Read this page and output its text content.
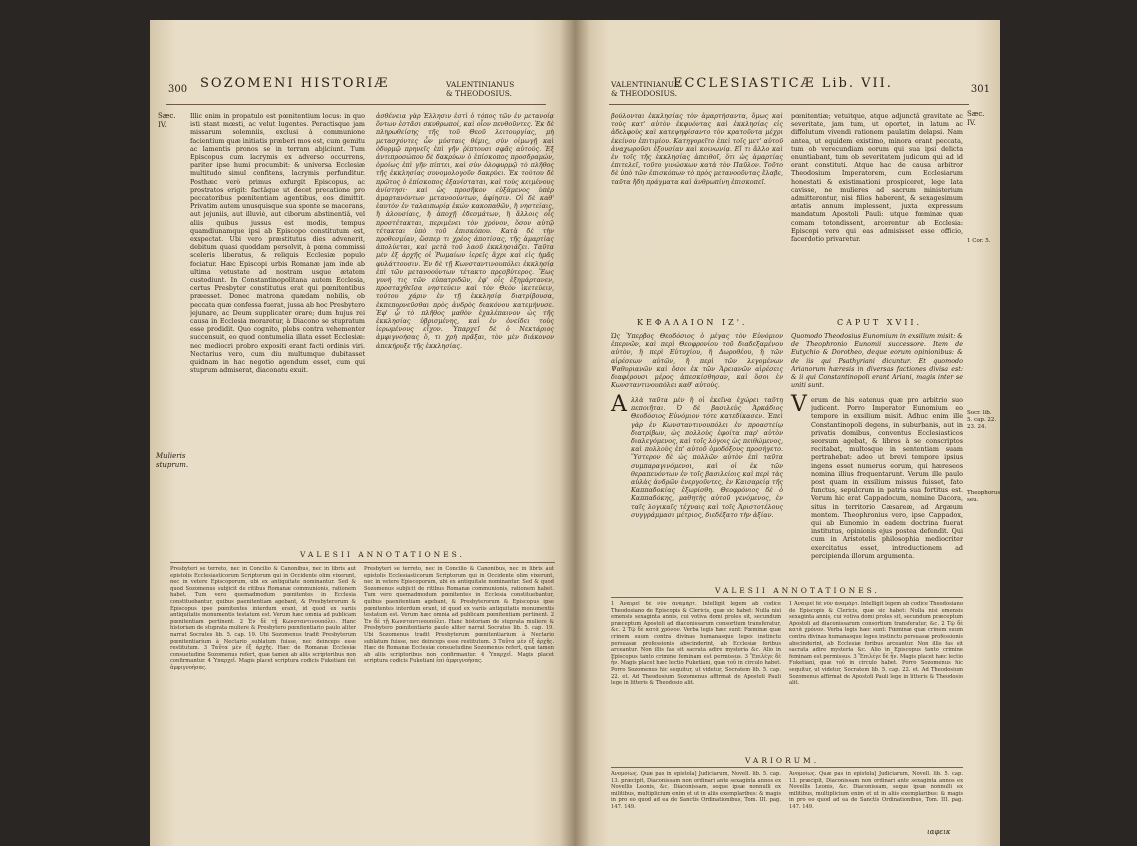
300 SOZOMENI HISTORIÆ	VALENTINIANUS
& THEODOSIUS.
Sæc.
IV.
Mulieris
stuprum.
Illic enim in propatulo est pœnitentium locus: in quo isti stant mœsti, ac velut lugentes. Peractisque jam missarum solemniis, exclusi à communione facientium quæ initiatis præberi mos est, cum gemitu ac lamentis pronos se in terram abjiciunt. Tum Episcopus cum lacrymis ex adverso occurrens, pariter ipse humi procumbit: & universa Ecclesiæ multitudo simul confitens, lacrymis perfunditur. Posthæc verò primus exfurgit Episcopus, ac prostratos erigit: factâque ut decet precatione pro peccatoribus pœnitentiam agentibus, eos dimittit. Privatim autem unusquisque sua sponte se macerans, aut jejuniis, aut illuviè, aut ciborum abstinentiâ, vel aliis quibus jussus est modis, tempus quamdiunamque ipsi ab Episcopo constitutum est, exspectat. Ubi vero præstitutus dies advenerit, debitum quasi quoddam persolvit, à pœna commissi sceleris liberatus, & reliquis Ecclesiæ populo fociatur. Hæc Episcopi urbis Romanæ jam inde ab ultima vetustate ad nostram usque ætatem custodiunt. In Constantinopolitana autem Ecclesia, certus Presbyter constitutus erat qui pœnitentibus præesset. Donec matrona quædam nobilis, ob peccata quæ confessa fuerat, jussa ab hoc Presbytero jejunare, ac Deum supplicater orare; dum hujus rei causa in Ecclesia moraretur, à Diacono se stupratum esse prodidit. Quo cognito, plebs contra vehementer succensuit, eo quod contumelia illata esset Ecclesiæ: nec mediocri probro expositi erant facti ordinis viri. Nectarius vero, cum diu multumque dubitasset quidnam in hac negotio agendum esset, cum qui stuprum admiserat, diaconatu exuit.
ἀσθένεια γὰρ Ἑλλησιν ἐστὶ ὁ τόπος τῶν ἐν μετανοίᾳ ὄντων ἐστᾶσι σκυθρωποί, καὶ οἷον πενθοῦντες. Ἐκ δὲ πληρωθείσης τῆς τοῦ Θεοῦ λειτουργίας, μὴ μετασχόντες ὧν μύσταις θέμις, σὺν οἰμωγῇ καὶ ὀδυρμῷ πρηνεῖς ἐπὶ γῆν ῥίπτουσι σφᾶς αὐτούς. Ἐξ ἀντιπροσώπου δὲ δακρύων ὁ ἐπίσκοπος προσδραμών, ὁμοίως ἐπὶ γῆν πίπτει, καὶ σὺν ὀλοφυρμῷ τὸ πλῆθος τῆς ἐκκλησίας συνομολογοῦν δακρύει. Ἐκ τούτου δὲ πρῶτος ὁ ἐπίσκοπος ἐξανίσταται, καὶ τοὺς κειμένους ἀνίστησι· καὶ ὡς προσῆκον εὐξάμενος ὑπὲρ ἁμαρτανόντων μετανοούντων, ἀφίησιν. Οἱ δὲ καθ' ἑαυτὸν ἐν ταλαιπωρίᾳ ἑκών κακοπαθῶν, ἢ νηστείαις, ἢ ἀλουσίαις, ἢ ἀποχῇ ἐδεσμάτων, ἢ ἄλλοις οἷς προστέτακται, περιμένει τὸν χρόνον, ὅσον αὐτῷ τέτακται ὑπὸ τοῦ ἐπισκόπου. Κατὰ δὲ τὴν προθεσμίαν, ὥσπερ τι χρέος ἀποτίσας, τῆς ἁμαρτίας ἀπολύεται, καὶ μετὰ τοῦ λαοῦ ἐκκλησιάζει. Ταῦτα μὲν ἐξ ἀρχῆς οἱ Ῥωμαίων ἱερεῖς ἄχρι καὶ εἰς ἡμᾶς φυλάττουσιν. Ἐν δὲ τῇ Κωνσταντινουπόλει ἐκκλησίᾳ ἐπὶ τῶν μετανοούντων τέτακτο πρεσβύτερος. Ἕως γυνή τις τῶν εὐπατριδῶν, ἐφ' οἷς ἐξημάρτανεν, προσταχθεῖσα νηστεύειν καὶ τὸν Θεὸν ἱκετεύειν, τούτου χάριν ἐν τῇ ἐκκλησίᾳ διατρίβουσα, ἐκπεπορνεῦσθαι πρὸς ἀνδρὸς διακόνου κατεμήνυσε. Ἐφ' ᾧ τὸ πλῆθος μαθὸν ἐχαλέπαινον ὡς τῆς ἐκκλησίας ὑβρισμένης, καὶ ἐν ὀνείδει τοὺς ἱερωμένους εἶχον. Ὑπαρχεῖ δὲ ὁ Νεκτάριος ἀμφιγνοήσας ὅ, τι χρὴ πρᾶξαι, τὸν μὲν διάκονον ἀπεκήρυξε τῆς ἐκκλησίας.
VALESII ANNOTATIONES.
Presbyteri se terreto, nec in Concilio & Canonibus, nec in libris aut epistolis Ecclesiasticorum Scriptorum qui in Occidente olim vixerunt, nec in vetere Episcoporum, ubi ex antiquitate nominantur. Sed & quod Sozomenus subjicit de ritibus Romanæ communionis, rationem habet. Tum vero quemadmodum pœnitentes in Ecclesia constituebantur, quibus paenitentiam agebant, & Presbyterorum & Episcopus ipse pœnitentes interdum erant, id quod ex variis antiquitatis monumentis testatum est. Verum hæc omnia ad publicam pœnitentiam pertinent. 2 Ἐν δὲ τῇ Κωνσταντινουπόλει. Hanc historiam de stuprata muliere & Presbytero pœnitentiario paulo aliter narrat Socrates lib. 5. cap. 19. Ubi Sozomenus tradit Presbyterum pœnitentiarium à Nectario sublatum fuisse, nec deinceps esse restitutum. 3 Ταῦτα μὲν ἐξ ἀρχῆς. Hæc de Romanæ Ecclesiæ consuetudine Sozomenus refert, quæ tamen ab aliis scriptoribus non confirmantur. 4 Ὑπαρχεῖ. Magis placet scriptura codicis Fuketiani ἐπὶ ἀμφιγνοήσας.
Presbyteri se terreto, nec in Concilio & Canonibus, nec in libris aut epistolis Ecclesiasticorum Scriptorum qui in Occidente olim vixerunt, nec in vetere Episcoporum, ubi ex antiquitate nominantur. Sed & quod Sozomenus subjicit de ritibus Romanæ communionis, rationem habet. Tum vero quemadmodum pœnitentes in Ecclesia constituebantur, quibus paenitentiam agebant, & Presbyterorum & Episcopus ipse pœnitentes interdum erant, id quod ex variis antiquitatis monumentis testatum est. Verum hæc omnia ad publicam pœnitentiam pertinent. 2 Ἐν δὲ τῇ Κωνσταντινουπόλει. Hanc historiam de stuprata muliere & Presbytero pœnitentiario paulo aliter narrat Socrates lib. 5. cap. 19. Ubi Sozomenus tradit Presbyterum pœnitentiarium à Nectario sublatum fuisse, nec deinceps esse restitutum. 3 Ταῦτα μὲν ἐξ ἀρχῆς. Hæc de Romanæ Ecclesiæ consuetudine Sozomenus refert, quæ tamen ab aliis scriptoribus non confirmantur. 4 Ὑπαρχεῖ. Magis placet scriptura codicis Fuketiani ἐπὶ ἀμφιγνοήσας.
301
ECCLESIASTICÆ Lib. VII.
VALENTINIANUS
& THEODOSIUS.
Sæc.
IV.
1 Cor. 5.
Socr. lib. 5. cap. 22. 23. 24.
Theophorus seu.
βούλονται ἐκκλησίας τὸν ἁμαρτήσαντα, ὅμως καὶ τοὺς κατ' αὐτὸν ἐκφυόντας καὶ ἐκκλησίας εἰς ἀδελφοὺς καὶ κατεψηφίσαντο τὸν κρατοῦντα μέχρι ἐκείνου ἐπιτιμίου. Κατηγορεῖτο ἐπεὶ τοῖς μετ' αὐτοῦ ἀναχωροῦσι ἐξουσίαν καὶ κοινωνίᾳ. Εἴ τι ἄλλο καὶ ἐν τοῖς τῆς ἐκκλησίας ἀπειθοῖ, ὅτι ὡς ἁμαρτίας ἐπιτελεῖ, τοῦτο γινώσκων κατὰ τὸν Παῦλον. Τοῦτο δὲ ὑπὸ τῶν ἐπισκόπων τὸ πρὸς μετανοοῦντας ἔλαβε, ταῦτα ἤδη πράγματα καὶ ἀνθρωπίνη ἐπισκοπεῖ.
pœnitentiæ; vetuitque, atque adjunctâ gravitate ac severitate, jam tum, ut oportet, in latum ac diffolutum vivendi rationem paulatim delapsi. Nam antea, ut equidem existimo, minora erant peccata, tum ob verecundiam eorum qui sua ipsi delicta enuntiabant, tum ob severitatem judicum qui ad id erant constituti. Atque hac de causa arbitror Theodosium Imperatorem, cum Ecclesiarum honestati & existimationi prospiceret, lege lata cavisse, ne mulieres ad sacrum ministerium admitterentur, nisi filios haberent, & sexagesimum ætatis annum implessent, juxta expressum mandatum Apostoli Pauli: utque fœminæ quæ comam totondissent, arcerentur ab Ecclesia: Episcopi vero qui eas admisisset esse officio, facerdotio privaretur.
ΚΕΦΑΛΑΙΟΝ ΙΖ'.	CAPUT XVII.
Ὡς Ὑπερβος Θεοδόσιος ὁ μέγας τὸν Εὐνόμιον ἐπερνῶν, καὶ περὶ Θεοφρονίου τοῦ διαδεξαμένου αὐτὸν, ἢ περὶ Εὐτυχίου, ἢ Δωροθέου, ἢ τῶν αἱρέσεων αὐτῶν, ἢ περὶ τῶν λεγομένων Ψαθυριανῶν καὶ ὅσοι ἐκ τῶν Ἀρειανῶν αἱρέσεις διαφέρουσι μέρος ἀπεσκίσθησαν, καὶ ὅσοι ἐν Κωνσταντινουπόλει καθ' αὑτοὺς.
Quomodo Theodosius Eunomium in exsilium misit: & de Theophronio Eunomii successore. Item de Eutychio & Dorotheo, deque eorum opinionibus: & de iis qui Psathyriani dicuntur. Et quomodo Arianorum hæresis in diversas factiones divisa est: & ii qui Constantinopoli erant Ariani, magis inter se uniti sunt.
A λλὰ ταῦτα μὲν ἢ οἱ ἐκεῖνα ἐχώρει ταῦτη πεποιῆται. Ὁ δὲ βασιλεὺς Ἀρκάδιος Θεοδόσιος Εὐνόμιον τότε κατεδίκασεν. Ἐπεὶ γὰρ ἐν Κωνσταντινουπόλει ἐν προαστείῳ διατρίβων, ὡς πολλοὺς ἐφοίτα παρ' αὐτὸν διαλεγόμενος, καὶ τοῖς λόγοις ὡς πειθώμενος, καὶ πολλοὺς ἐπ' αὐτοῦ ὁμοδόξους προσήγετο. Ὕστερον δὲ ὡς πολλῶν αὐτὸν ἐπὶ ταῦτα συμπαραγινόμενοι, καὶ οἱ ἐκ τῶν θεραπευόντων ἐν τοῖς βασιλείοις καὶ περὶ τὰς αὐλὰς ἀνδρῶν ἐνεργοῦντες, ἐν Καισαρείᾳ τῆς Καππαδοκίας ἐξωρίσθη. Θεοφρόνιος δὲ ὁ Καππαδόκης, μαθητὴς αὐτοῦ γενόμενος, ἐν ταῖς λογικαῖς τέχναις καὶ τοῖς Ἀριστοτέλους συγγράμμασι μέτριος, διεδέξατο τὴν ἀξίαν.
V erum de his eatenus quæ pro arbitrio suo judicent. Porro Imperator Eunomium eo tempore in exsilium misit. Adhuc enim ille Constantinopoli degens, in suburbanis, aut in privatis domibus, conventus Ecclesiasticos seorsum agebat, & libros à se conscriptos recitabat, multosque in sententiam suam pertrahebat: adeo ut brevi tempore ipsius ingens esset numerus eorum, qui hæreseos nomina illius frequentarunt. Verum ille paulo post quam in exsilium missus fuisset, fato functus, sepulcrum in patria sua fortitus est. Verum hic erat Cappadocum, nomine Dacora, situs in territorio Cæsareæ, ad Argæum montem. Theophronius vero, ipse Cappadox, qui ab Eunomio in eadem doctrina fuerat institutus, opinionis ejus postea defendit. Qui cum in Aristotelis philosophia mediocriter exercitatus esset, introductionem ad percipienda illorum argumenta.
VALESII ANNOTATIONES.
1 Ἀναιρεῖ δὲ νῦν ἀναμάρτ. Intelligit legem ab codice Theodosiano de Episcopis & Clericis, quæ sic habet: Nulla nisi emensis sexaginta annis, cui votiva domi proles sit, secundum præceptum Apostoli ad diaconissarum consortium transferatur, &c. 2 Τῷ δὲ κατὰ χρόνον. Verba legis hæc sunt: Fœminæ quæ crinem suum contra divinas humanasque leges instinctu persuasæ professionis abscinderint, ab Ecclesiæ foribus arceantur. Non illis fas sit sacrata adire mysteria &c. Alio in Episcopus tanto crimine feminam est permissus. 3 Ἔπιλέγε δὲ ἦν. Magis placet hæc lectio Fuketiani, quæ τοῦ in circulo habet. Porro Sozomenus hic sequitur, ut videtur, Socratem lib. 5. cap. 22. et. Ad Theodosium Sozomenus affirmat de Apostoli Pauli lege in litteris & Theodosio alit.
1 Ἀναιρεῖ δὲ νῦν ἀναμάρτ. Intelligit legem ab codice Theodosiano de Episcopis & Clericis, quæ sic habet: Nulla nisi emensis sexaginta annis, cui votiva domi proles sit, secundum præceptum Apostoli ad diaconissarum consortium transferatur, &c. 2 Τῷ δὲ κατὰ χρόνον. Verba legis hæc sunt: Fœminæ quæ crinem suum contra divinas humanasque leges instinctu persuasæ professionis abscinderint, ab Ecclesiæ foribus arceantur. Non illis fas sit sacrata adire mysteria &c. Alio in Episcopus tanto crimine feminam est permissus. 3 Ἔπιλέγε δὲ ἦν. Magis placet hæc lectio Fuketiani, quæ τοῦ in circulo habet. Porro Sozomenus hic sequitur, ut videtur, Socratem lib. 5. cap. 22. et. Ad Theodosium Sozomenus affirmat de Apostoli Pauli lege in litteris & Theodosio alit.
VARIORUM.
Ἀνομοίως. Quæ pas in epistola] Judiciarum, Novell. lib. 5. cap. 13. præcipit, Diaconissam non ordinari ante sexaginta annos ex Novellis Leonis, &c. Diaconissam, seque ipsæ nonnulli ex militibus, multiplicium enim et ut in aliis exemplaribus: & magis in pro eo quod ad ea de Sanctis Ordinationibus, Tom. III. pag. 147. 149.
Ἀνομοίως. Quæ pas in epistola] Judiciarum, Novell. lib. 5. cap. 13. præcipit, Diaconissam non ordinari ante sexaginta annos ex Novellis Leonis, &c. Diaconissam, seque ipsæ nonnulli ex militibus, multiplicium enim et ut in aliis exemplaribus: & magis in pro eo quod ad ea de Sanctis Ordinationibus, Tom. III. pag. 147. 149.
ιαφεικ
